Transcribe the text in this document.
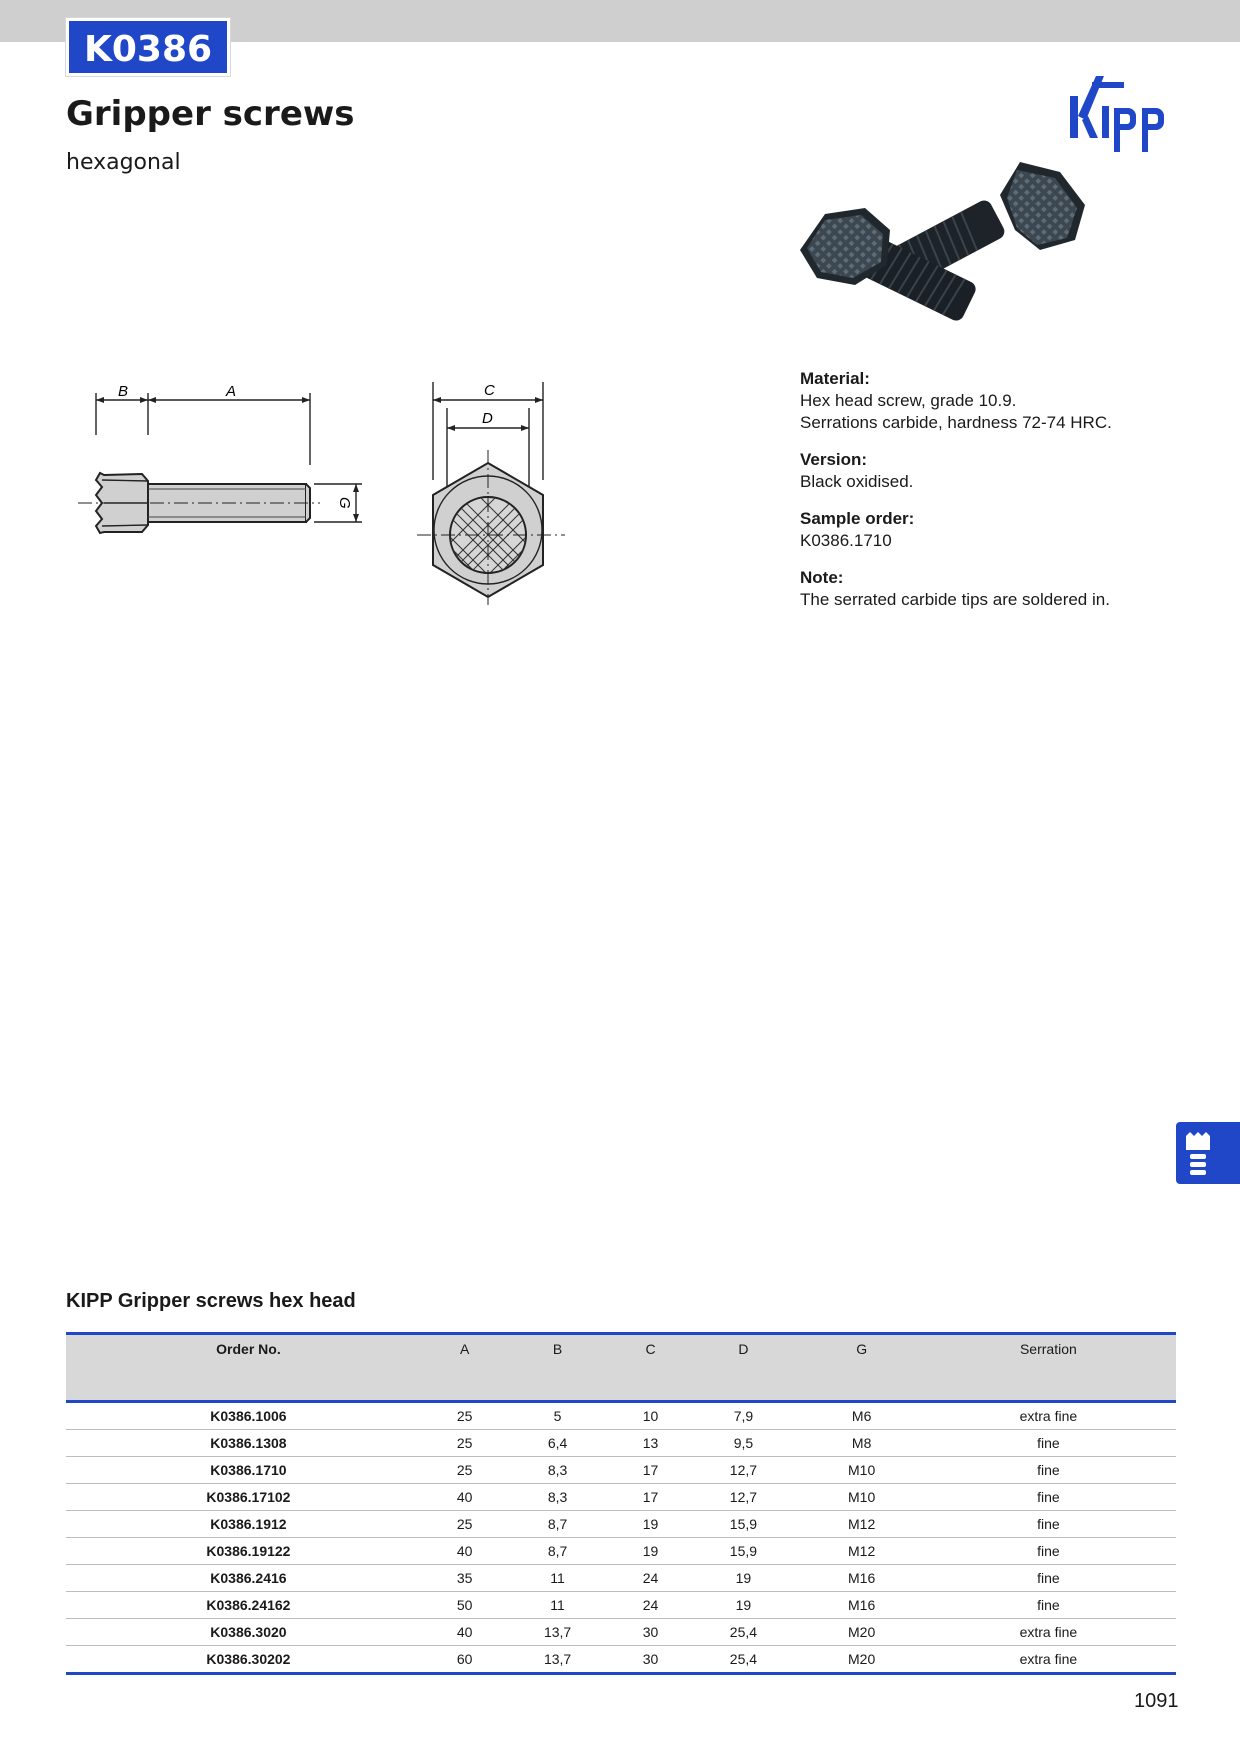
K0386
Gripper screws
hexagonal
B	A
G
C
D
Material:
Hex head screw, grade 10.9.
Serrations carbide, hardness 72-74 HRC.
Version:
Black oxidised.
Sample order:
K0386.1710
Note:
The serrated carbide tips are soldered in.
KIPP Gripper screws hex head
Order No.	A	B	C	D	G	Serration
K0386.1006	25	5	10	7,9	M6	extra fine
K0386.1308	25	6,4	13	9,5	M8	fine
K0386.1710	25	8,3	17	12,7	M10	fine
K0386.17102	40	8,3	17	12,7	M10	fine
K0386.1912	25	8,7	19	15,9	M12	fine
K0386.19122	40	8,7	19	15,9	M12	fine
K0386.2416	35	11	24	19	M16	fine
K0386.24162	50	11	24	19	M16	fine
K0386.3020	40	13,7	30	25,4	M20	extra fine
K0386.30202	60	13,7	30	25,4	M20	extra fine
1091
